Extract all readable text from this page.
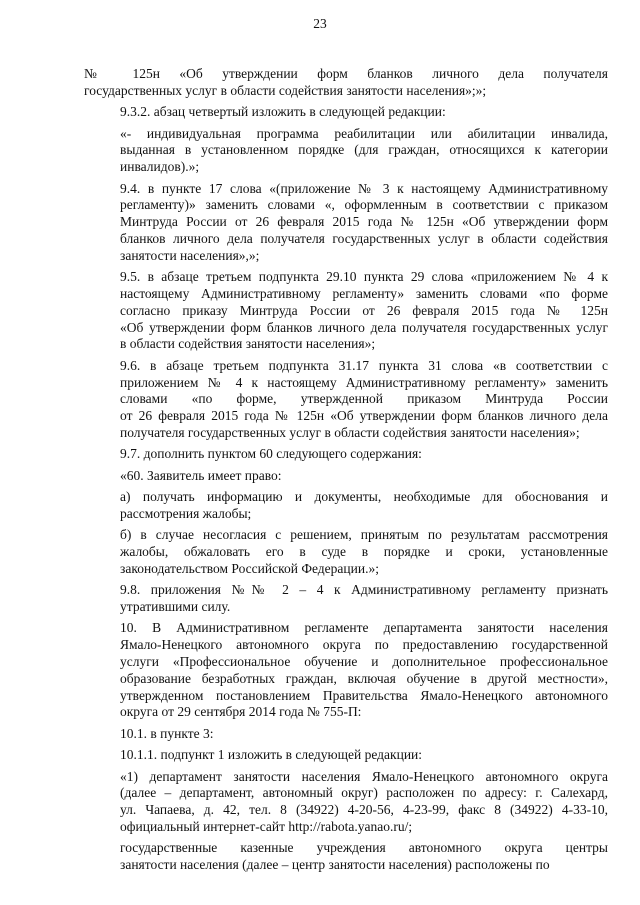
23
№ 125н «Об утверждении форм бланков личного дела получателя
государственных услуг в области содействия занятости населения»;»;
9.3.2. абзац четвертый изложить в следующей редакции:
«- индивидуальная программа реабилитации или абилитации инвалида,
выданная в установленном порядке (для граждан, относящихся к категории
инвалидов).»;
9.4. в пункте 17 слова «(приложение № 3 к настоящему Административному
регламенту)» заменить словами «, оформленным в соответствии с приказом
Минтруда России от 26 февраля 2015 года № 125н «Об утверждении форм
бланков личного дела получателя государственных услуг в области содействия
занятости населения»,»;
9.5. в абзаце третьем подпункта 29.10 пункта 29 слова «приложением № 4 к
настоящему Административному регламенту» заменить словами «по форме
согласно приказу Минтруда России от 26 февраля 2015 года № 125н
«Об утверждении форм бланков личного дела получателя государственных услуг
в области содействия занятости населения»;
9.6. в абзаце третьем подпункта 31.17 пункта 31 слова «в соответствии с
приложением № 4 к настоящему Административному регламенту» заменить
словами «по форме, утвержденной приказом Минтруда России
от 26 февраля 2015 года № 125н «Об утверждении форм бланков личного дела
получателя государственных услуг в области содействия занятости населения»;
9.7. дополнить пунктом 60 следующего содержания:
«60. Заявитель имеет право:
а) получать информацию и документы, необходимые для обоснования и
рассмотрения жалобы;
б) в случае несогласия с решением, принятым по результатам рассмотрения
жалобы, обжаловать его в суде в порядке и сроки, установленные
законодательством Российской Федерации.»;
9.8. приложения №№ 2 – 4 к Административному регламенту признать
утратившими силу.
10. В Административном регламенте департамента занятости населения
Ямало-Ненецкого автономного округа по предоставлению государственной
услуги «Профессиональное обучение и дополнительное профессиональное
образование безработных граждан, включая обучение в другой местности»,
утвержденном постановлением Правительства Ямало-Ненецкого автономного
округа от 29 сентября 2014 года № 755-П:
10.1. в пункте 3:
10.1.1. подпункт 1 изложить в следующей редакции:
«1) департамент занятости населения Ямало-Ненецкого автономного округа
(далее – департамент, автономный округ) расположен по адресу: г. Салехард,
ул. Чапаева, д. 42, тел. 8 (34922) 4-20-56, 4-23-99, факс 8 (34922) 4-33-10,
официальный интернет-сайт http://rabota.yanao.ru/;
государственные казенные учреждения автономного округа центры
занятости населения (далее – центр занятости населения) расположены по
